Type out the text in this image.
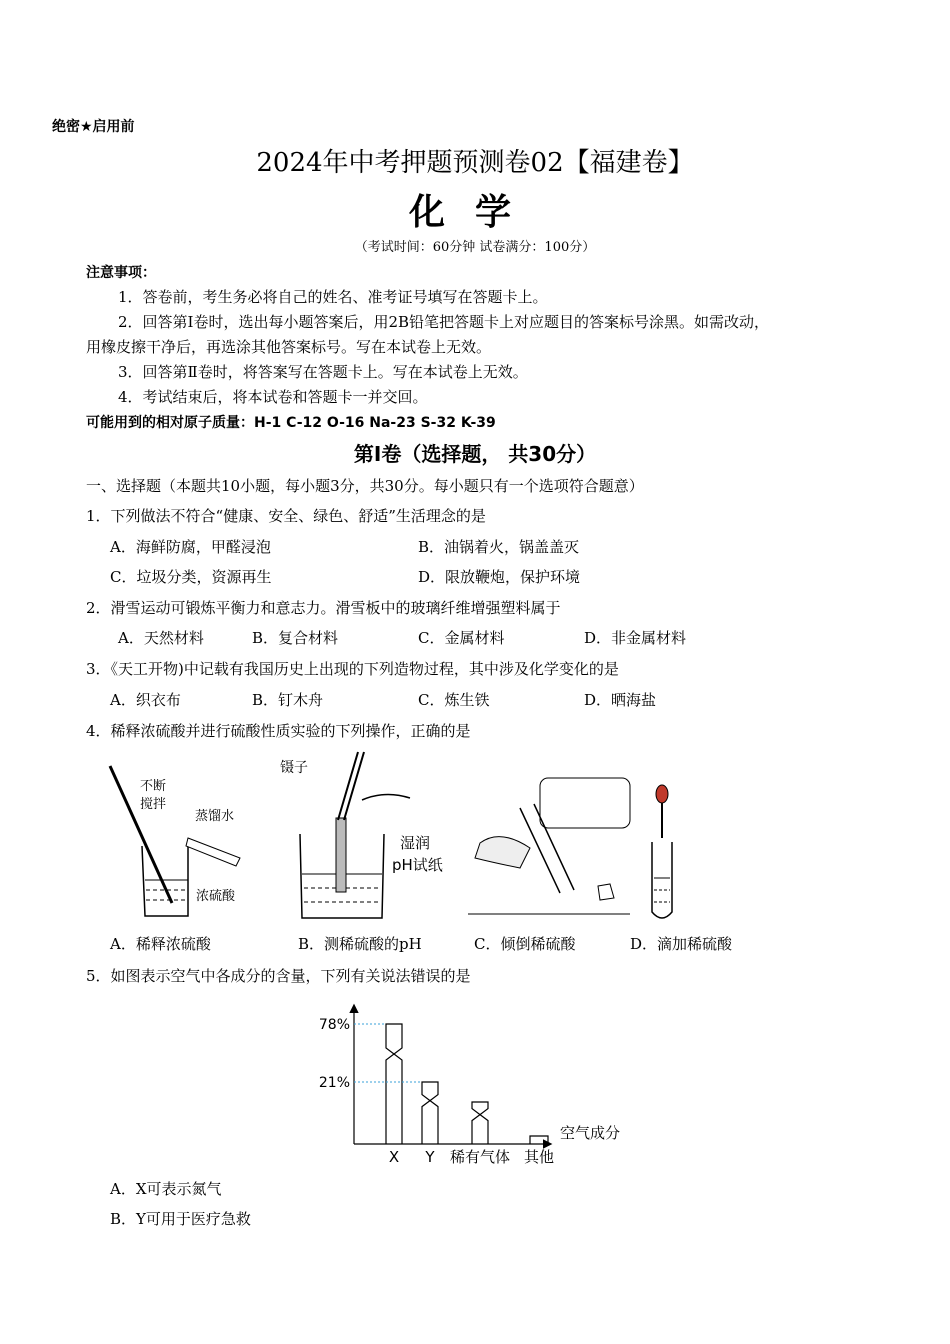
绝密★启用前
2024年中考押题预测卷02【福建卷】
化学
（考试时间：60分钟 试卷满分：100分）
注意事项：
1．答卷前，考生务必将自己的姓名、准考证号填写在答题卡上。
2．回答第Ⅰ卷时，选出每小题答案后，用2B铅笔把答题卡上对应题目的答案标号涂黑。如需改动，
用橡皮擦干净后，再选涂其他答案标号。写在本试卷上无效。
3．回答第Ⅱ卷时，将答案写在答题卡上。写在本试卷上无效。
4．考试结束后，将本试卷和答题卡一并交回。
可能用到的相对原子质量：H-1 C-12 O-16 Na-23 S-32 K-39
第Ⅰ卷（选择题， 共30分）
一、选择题（本题共10小题，每小题3分，共30分。每小题只有一个选项符合题意）
1．下列做法不符合“健康、安全、绿色、舒适”生活理念的是
A．海鲜防腐，甲醛浸泡	B．油锅着火，锅盖盖灭
C．垃圾分类，资源再生	D．限放鞭炮，保护环境
2．滑雪运动可锻炼平衡力和意志力。滑雪板中的玻璃纤维增强塑料属于
A．天然材料	B．复合材料	C．金属材料	D．非金属材料
3．《天工开物)中记载有我国历史上出现的下列造物过程，其中涉及化学变化的是
A．织衣布	B．钉木舟	C．炼生铁	D．晒海盐
4．稀释浓硫酸并进行硫酸性质实验的下列操作，正确的是
不断
搅拌
蒸馏水
浓硫酸
镊子
湿润
pH试纸
A．稀释浓硫酸	B．测稀硫酸的pH	C．倾倒稀硫酸	D．滴加稀硫酸
5．如图表示空气中各成分的含量，下列有关说法错误的是
X Y 稀有气体 其他
78%
21%
空气成分
A．X可表示氮气
B．Y可用于医疗急救
